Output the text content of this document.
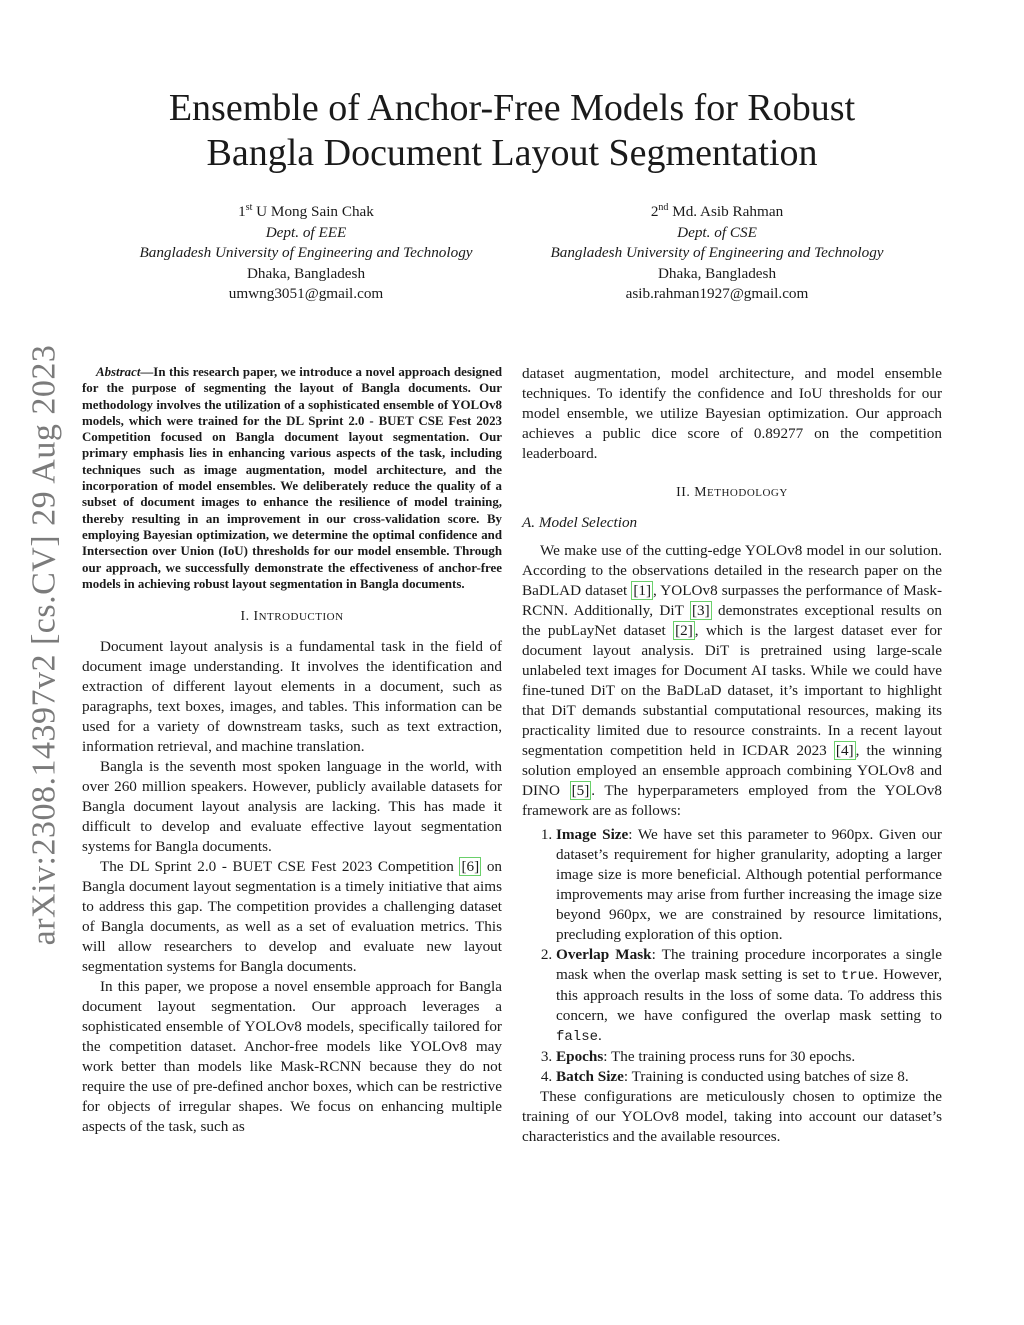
arXiv:2308.14397v2 [cs.CV] 29 Aug 2023
Ensemble of Anchor-Free Models for Robust
Bangla Document Layout Segmentation
1st U Mong Sain Chak
Dept. of EEE
Bangladesh University of Engineering and Technology
Dhaka, Bangladesh
umwng3051@gmail.com
2nd Md. Asib Rahman
Dept. of CSE
Bangladesh University of Engineering and Technology
Dhaka, Bangladesh
asib.rahman1927@gmail.com

Abstract—In this research paper, we introduce a novel approach designed for the purpose of segmenting the layout of Bangla documents. Our methodology involves the utilization of a sophisticated ensemble of YOLOv8 models, which were trained for the DL Sprint 2.0 - BUET CSE Fest 2023 Competition focused on Bangla document layout segmentation. Our primary emphasis lies in enhancing various aspects of the task, including techniques such as image augmentation, model architecture, and the incorporation of model ensembles. We deliberately reduce the quality of a subset of document images to enhance the resilience of model training, thereby resulting in an improvement in our cross-validation score. By employing Bayesian optimization, we determine the optimal confidence and Intersection over Union (IoU) thresholds for our model ensemble. Through our approach, we successfully demonstrate the effectiveness of anchor-free models in achieving robust layout segmentation in Bangla documents.

I. INTRODUCTION

Document layout analysis is a fundamental task in the field of document image understanding. It involves the identification and extraction of different layout elements in a document, such as paragraphs, text boxes, images, and tables. This information can be used for a variety of downstream tasks, such as text extraction, information retrieval, and machine translation.

Bangla is the seventh most spoken language in the world, with over 260 million speakers. However, publicly available datasets for Bangla document layout analysis are lacking. This has made it difficult to develop and evaluate effective layout segmentation systems for Bangla documents.

The DL Sprint 2.0 - BUET CSE Fest 2023 Competition [6] on Bangla document layout segmentation is a timely initiative that aims to address this gap. The competition provides a challenging dataset of Bangla documents, as well as a set of evaluation metrics. This will allow researchers to develop and evaluate new layout segmentation systems for Bangla documents.

In this paper, we propose a novel ensemble approach for Bangla document layout segmentation. Our approach leverages a sophisticated ensemble of YOLOv8 models, specifically tailored for the competition dataset. Anchor-free models like YOLOv8 may work better than models like Mask-RCNN because they do not require the use of pre-defined anchor boxes, which can be restrictive for objects of irregular shapes. We focus on enhancing multiple aspects of the task, such as

dataset augmentation, model architecture, and model ensemble techniques. To identify the confidence and IoU thresholds for our model ensemble, we utilize Bayesian optimization. Our approach achieves a public dice score of 0.89277 on the competition leaderboard.

II. METHODOLOGY
A. Model Selection

We make use of the cutting-edge YOLOv8 model in our solution. According to the observations detailed in the research paper on the BaDLAD dataset [1] , YOLOv8 surpasses the performance of Mask-RCNN. Additionally, DiT [3] demonstrates exceptional results on the pubLayNet dataset [2] , which is the largest dataset ever for document layout analysis. DiT is pretrained using large-scale unlabeled text images for Document AI tasks. While we could have fine-tuned DiT on the BaDLaD dataset, it’s important to highlight that DiT demands substantial computational resources, making its practicality limited due to resource constraints. In a recent layout segmentation competition held in ICDAR 2023 [4] , the winning solution employed an ensemble approach combining YOLOv8 and DINO [5] . The hyperparameters employed from the YOLOv8 framework are as follows:

1. Image Size: We have set this parameter to 960px. Given our dataset’s requirement for higher granularity, adopting a larger image size is more beneficial. Although potential performance improvements may arise from further increasing the image size beyond 960px, we are constrained by resource limitations, precluding exploration of this option.
2. Overlap Mask: The training procedure incorporates a single mask when the overlap mask setting is set to true. However, this approach results in the loss of some data. To address this concern, we have configured the overlap mask setting to false.
3. Epochs: The training process runs for 30 epochs.
4. Batch Size: Training is conducted using batches of size 8.

These configurations are meticulously chosen to optimize the training of our YOLOv8 model, taking into account our dataset’s characteristics and the available resources.
